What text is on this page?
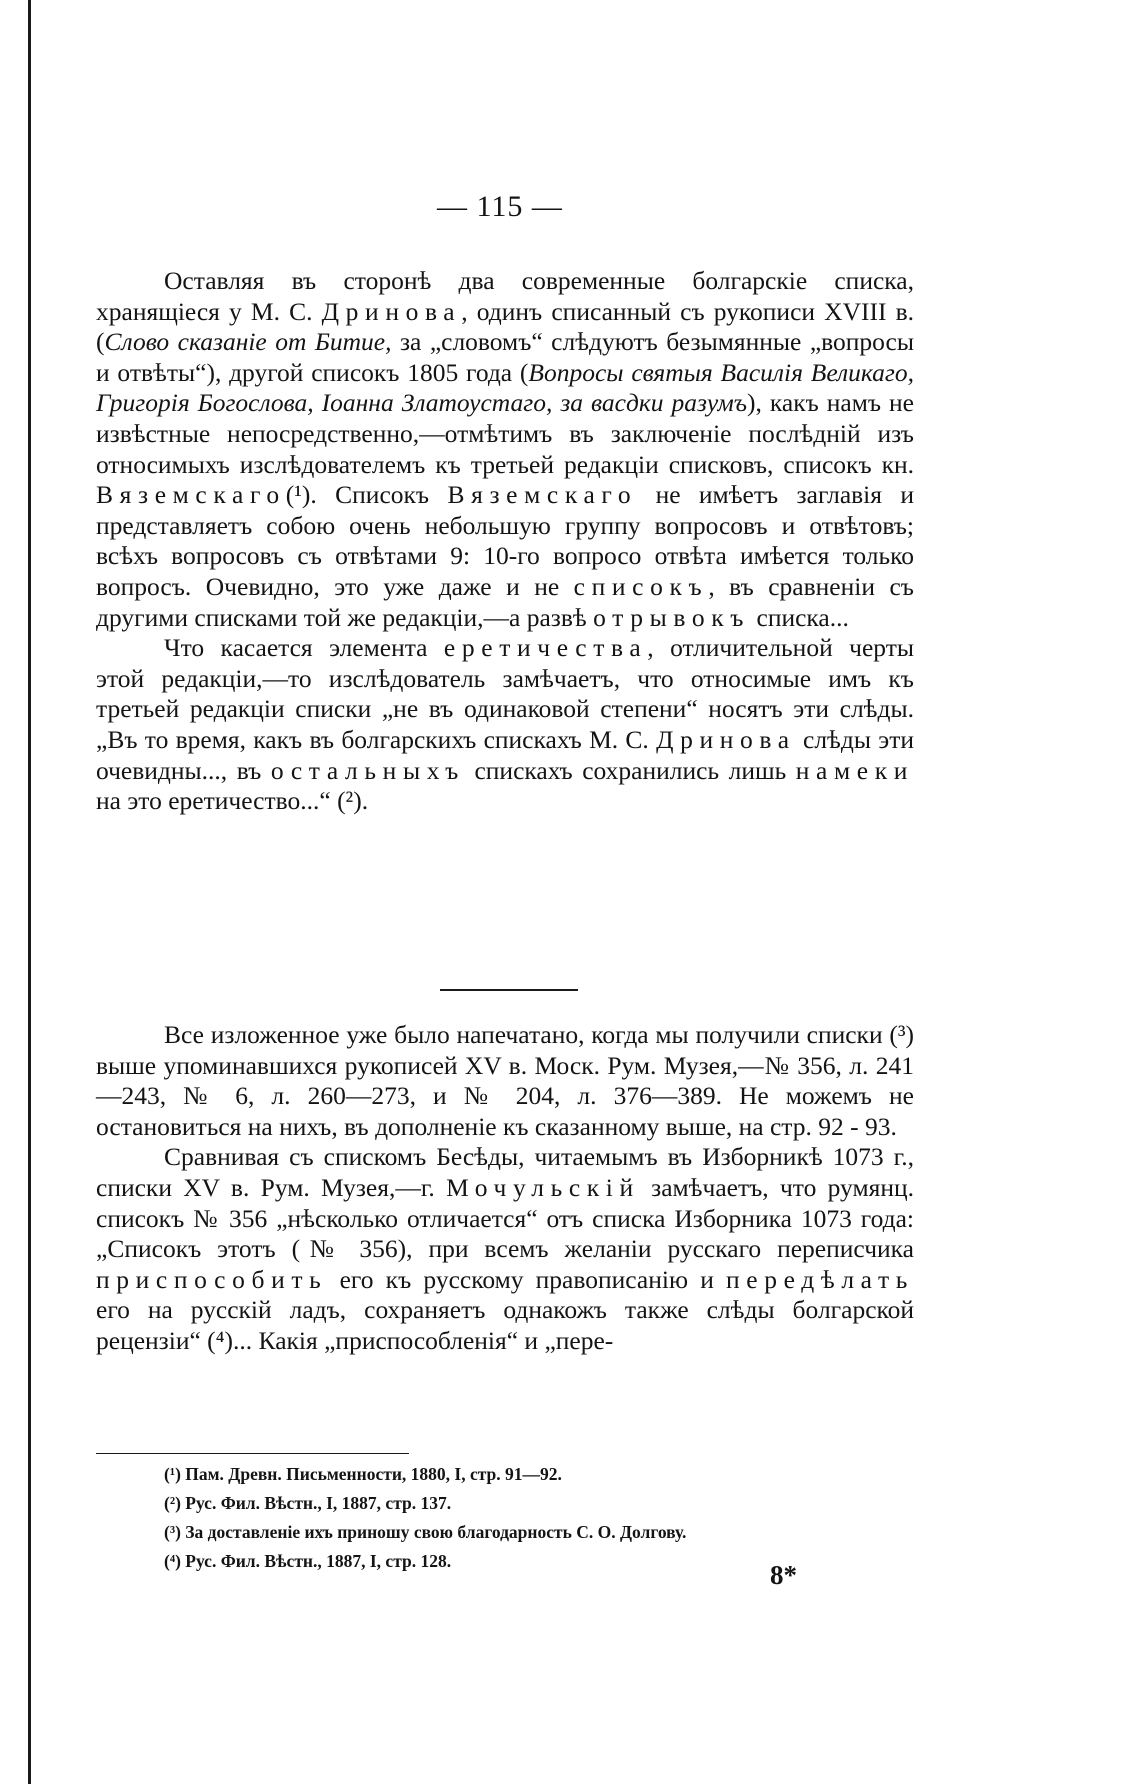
— 115 —

Оставляя въ сторонѣ два современные болгарскіе списка, хранящіеся у М. С. Дринова, одинъ списанный съ рукописи XVIII в. (Слово сказаніе от Битие, за „словомъ“ слѣдуютъ безымянные „вопросы и отвѣты“), другой списокъ 1805 года (Вопросы святыя Василія Великаго, Григорія Богослова, Іоанна Златоустаго, за васдки разумъ), какъ намъ не извѣстные непосредственно,—отмѣтимъ въ заключеніе послѣдній изъ относимыхъ изслѣдователемъ къ третьей редакціи списковъ, списокъ кн. Вяземскаго(¹). Списокъ Вяземскаго не имѣетъ заглавія и представляетъ собою очень небольшую группу вопросовъ и отвѣтовъ; всѣхъ вопросовъ съ отвѣтами 9: 10-го вопросо отвѣта имѣется только вопросъ. Очевидно, это уже даже и не списокъ, въ сравненіи съ другими списками той же редакціи,—а развѣ отрывокъ списка...

Что касается элемента еретичества, отличительной черты этой редакціи,—то изслѣдователь замѣчаетъ, что относимые имъ къ третьей редакціи списки „не въ одинаковой степени“ носятъ эти слѣды. „Въ то время, какъ въ болгарскихъ спискахъ М. С. Дринова слѣды эти очевидны..., въ остальныхъ спискахъ сохранились лишь намеки на это еретичество...“ (²).

Все изложенное уже было напечатано, когда мы получили списки (³) выше упоминавшихся рукописей XV в. Моск. Рум. Музея,—№ 356, л. 241—243, № 6, л. 260—273, и № 204, л. 376—389. Не можемъ не остановиться на нихъ, въ дополненіе къ сказанному выше, на стр. 92 - 93.

Сравнивая съ спискомъ Бесѣды, читаемымъ въ Изборникѣ 1073 г., списки XV в. Рум. Музея,—г. Мочульскій замѣчаетъ, что румянц. списокъ № 356 „нѣсколько отличается“ отъ списка Изборника 1073 года: „Списокъ этотъ (№ 356), при всемъ желаніи русскаго переписчика приспособить его къ русскому правописанію и передѣлать его на русскій ладъ, сохраняетъ однакожъ также слѣды болгарской рецензіи“ (⁴)... Какія „приспособленія“ и „пере-

(¹) Пам. Древн. Письменности, 1880, I, стр. 91—92.
(²) Рус. Фил. Вѣстн., I, 1887, стр. 137.
(³) За доставленіе ихъ приношу свою благодарность С. О. Долгову.
(⁴) Рус. Фил. Вѣстн., 1887, I, стр. 128.	8*
